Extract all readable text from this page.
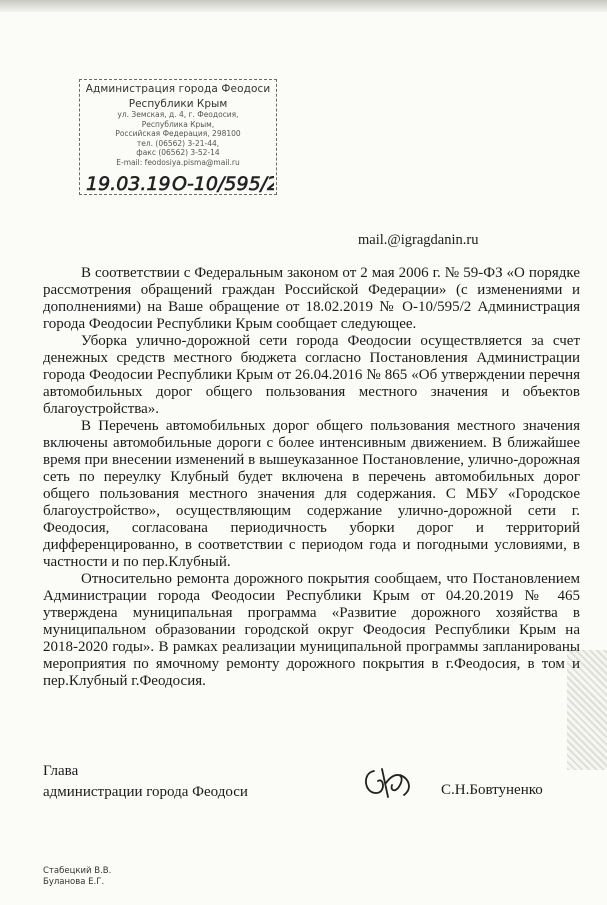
Администрация города Феодоси
Республики Крым
ул. Земская, д. 4, г. Феодосия,
Республика Крым,
Российская Федерация, 298100
тел. (06562) 3-21-44,
факс (06562) 3-52-14
E-mail: feodosiya.pisma@mail.ru
19.03.19 О-10/595/2
mail.@igragdanin.ru

В соответствии с Федеральным законом от 2 мая 2006 г. № 59-ФЗ «О порядке рассмотрения обращений граждан Российской Федерации» (с изменениями и дополнениями) на Ваше обращение от 18.02.2019 № О-10/595/2 Администрация города Феодосии Республики Крым сообщает следующее.

Уборка улично-дорожной сети города Феодосии осуществляется за счет денежных средств местного бюджета согласно Постановления Администрации города Феодосии Республики Крым от 26.04.2016 № 865 «Об утверждении перечня автомобильных дорог общего пользования местного значения и объектов благоустройства».

В Перечень автомобильных дорог общего пользования местного значения включены автомобильные дороги с более интенсивным движением. В ближайшее время при внесении изменений в вышеуказанное Постановление, улично-дорожная сеть по переулку Клубный будет включена в перечень автомобильных дорог общего пользования местного значения для содержания. С МБУ «Городское благоустройство», осуществляющим содержание улично-дорожной сети г. Феодосия, согласована периодичность уборки дорог и территорий дифференцированно, в соответствии с периодом года и погодными условиями, в частности и по пер.Клубный.

Относительно ремонта дорожного покрытия сообщаем, что Постановлением Администрации города Феодосии Республики Крым от 04.20.2019 № 465 утверждена муниципальная программа «Развитие дорожного хозяйства в муниципальном образовании городской округ Феодосия Республики Крым на 2018-2020 годы». В рамках реализации муниципальной программы запланированы мероприятия по ямочному ремонту дорожного покрытия в г.Феодосия, в том и пер.Клубный г.Феодосия.

Глава
администрации города Феодоси	С.Н.Бовтуненко
Стабецкий В.В.
Буланова Е.Г.
